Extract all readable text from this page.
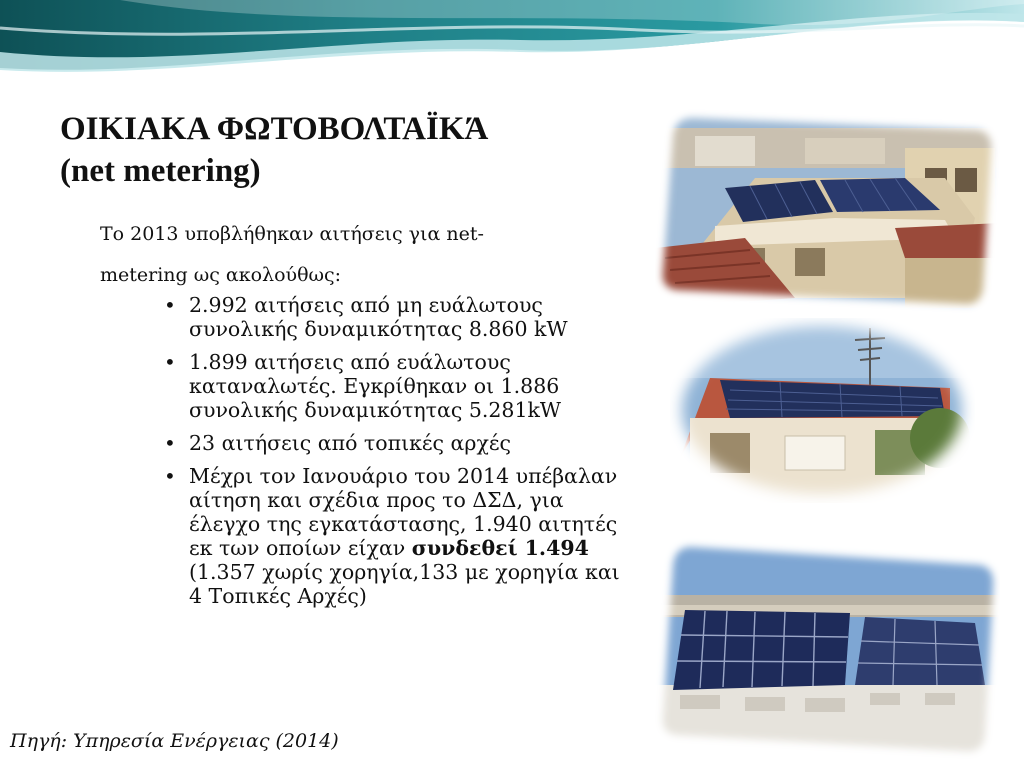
ΟΙΚΙΑΚΑ ΦΩΤΟΒΟΛΤΑΪΚΆ
(net metering)

Το 2013 υποβλήθηκαν αιτήσεις για net-metering ως ακολούθως:

• 2.992 αιτήσεις από μη ευάλωτους συνολικής δυναμικότητας 8.860 kW
• 1.899 αιτήσεις από ευάλωτους καταναλωτές. Εγκρίθηκαν οι 1.886 συνολικής δυναμικότητας 5.281kW
• 23 αιτήσεις από τοπικές αρχές
• Μέχρι τον Ιανουάριο του 2014 υπέβαλαν αίτηση και σχέδια προς το ΔΣΔ, για έλεγχο της εγκατάστασης, 1.940 αιτητές εκ των οποίων είχαν συνδεθεί 1.494 (1.357 χωρίς χορηγία,133 με χορηγία και 4 Τοπικές Αρχές)
Πηγή: Υπηρεσία Ενέργειας (2014)
